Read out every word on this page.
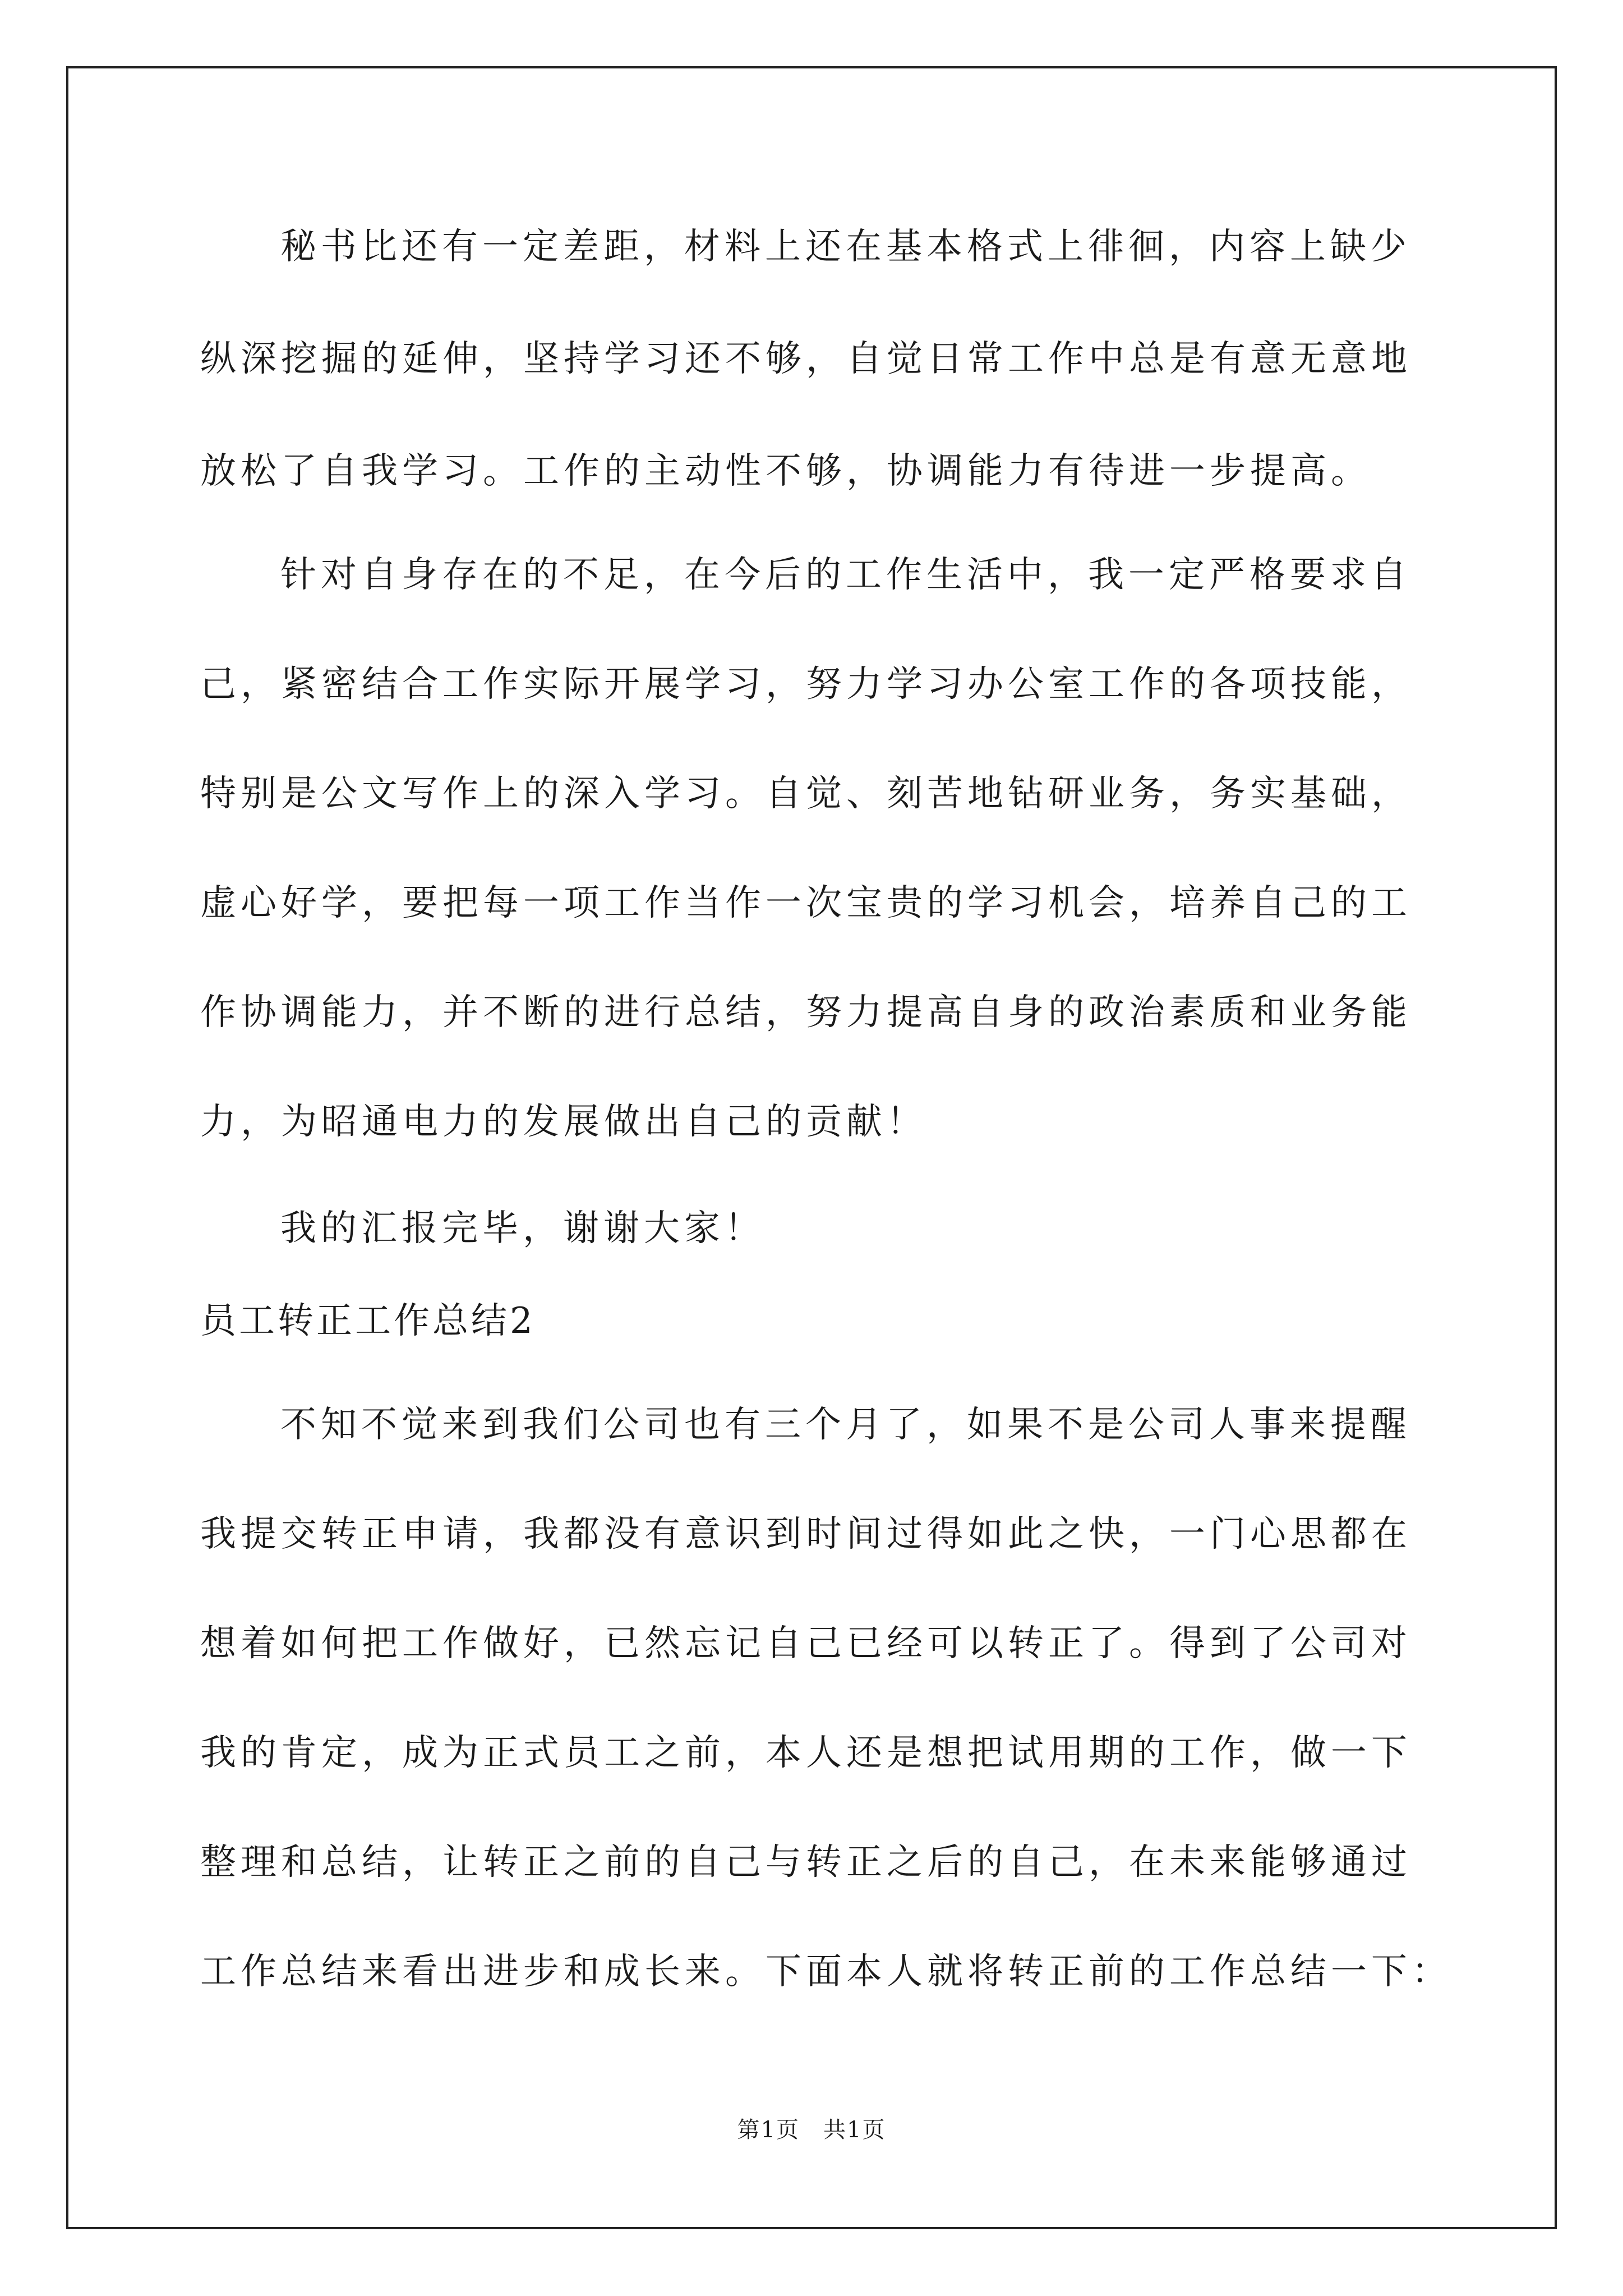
秘书比还有一定差距，材料上还在基本格式上徘徊，内容上缺少
纵深挖掘的延伸，坚持学习还不够，自觉日常工作中总是有意无意地
放松了自我学习。工作的主动性不够，协调能力有待进一步提高。
针对自身存在的不足，在今后的工作生活中，我一定严格要求自
己，紧密结合工作实际开展学习，努力学习办公室工作的各项技能，
特别是公文写作上的深入学习。自觉、刻苦地钻研业务，务实基础，
虚心好学，要把每一项工作当作一次宝贵的学习机会，培养自己的工
作协调能力，并不断的进行总结，努力提高自身的政治素质和业务能
力，为昭通电力的发展做出自己的贡献！
我的汇报完毕，谢谢大家！
员工转正工作总结2
不知不觉来到我们公司也有三个月了，如果不是公司人事来提醒
我提交转正申请，我都没有意识到时间过得如此之快，一门心思都在
想着如何把工作做好，已然忘记自己已经可以转正了。得到了公司对
我的肯定，成为正式员工之前，本人还是想把试用期的工作，做一下
整理和总结，让转正之前的自己与转正之后的自己，在未来能够通过
工作总结来看出进步和成长来。下面本人就将转正前的工作总结一下：
第1页　共1页
